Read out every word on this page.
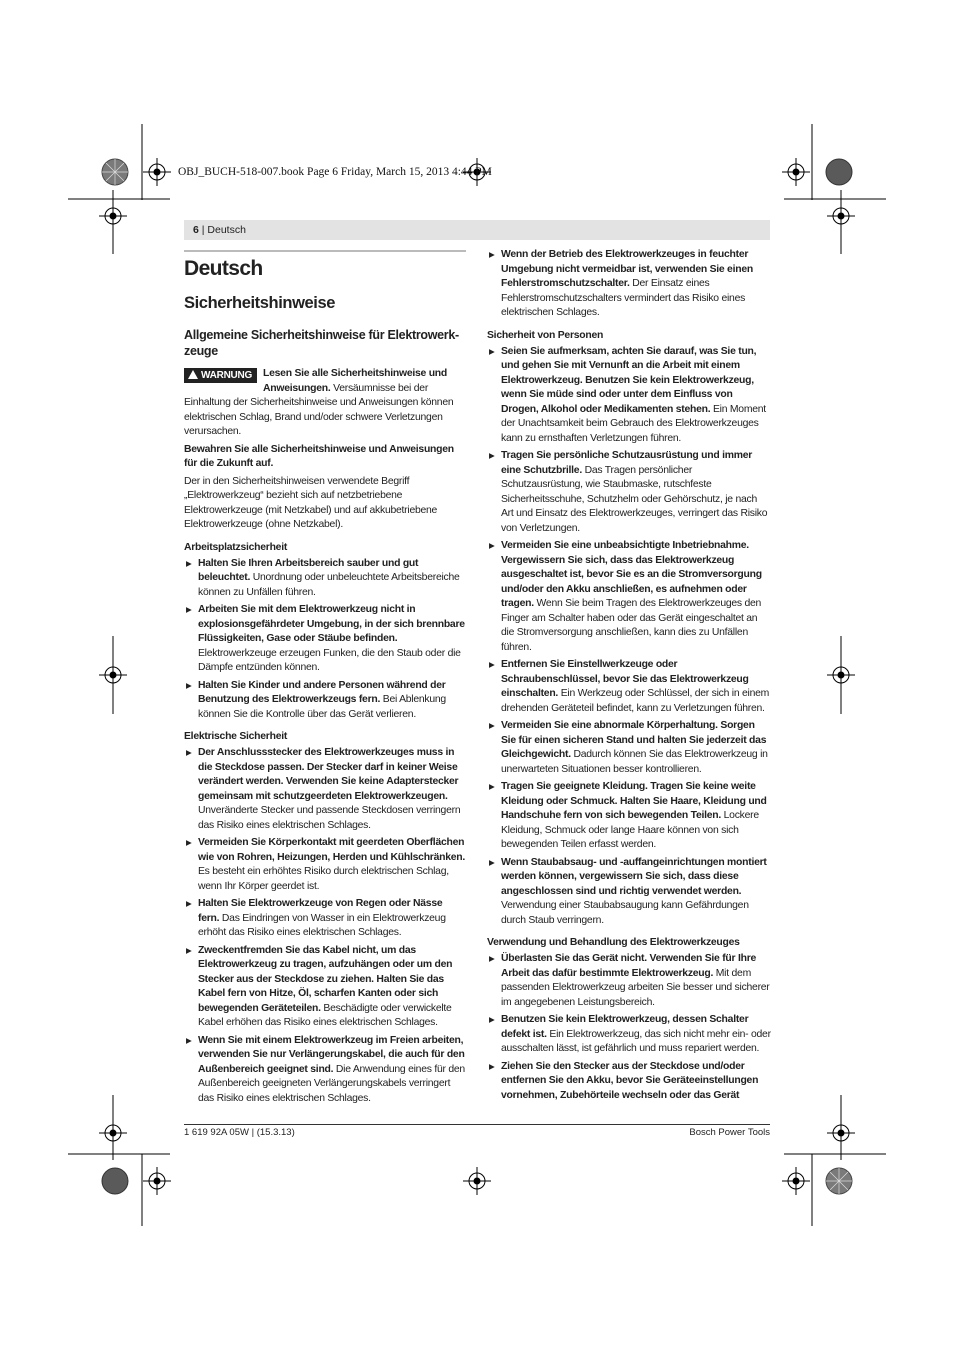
OBJ_BUCH-518-007.book Page 6 Friday, March 15, 2013 4:44 PM
6 | Deutsch
Deutsch
Sicherheitshinweise
Allgemeine Sicherheitshinweise für Elektrowerk-zeuge

WARNUNG	Lesen Sie alle Sicherheitshinweise und Anweisungen. Versäumnisse bei der Einhaltung der Sicherheitshinweise und Anweisungen können elektrischen Schlag, Brand und/oder schwere Verletzungen verursachen.

Bewahren Sie alle Sicherheitshinweise und Anweisungen für die Zukunft auf.

Der in den Sicherheitshinweisen verwendete Begriff „Elektrowerkzeug“ bezieht sich auf netzbetriebene Elektrowerkzeuge (mit Netzkabel) und auf akkubetriebene Elektrowerkzeuge (ohne Netzkabel).

Arbeitsplatzsicherheit
▶ Halten Sie Ihren Arbeitsbereich sauber und gut beleuchtet. Unordnung oder unbeleuchtete Arbeitsbereiche können zu Unfällen führen.
▶ Arbeiten Sie mit dem Elektrowerkzeug nicht in explosionsgefährdeter Umgebung, in der sich brennbare Flüssigkeiten, Gase oder Stäube befinden. Elektrowerkzeuge erzeugen Funken, die den Staub oder die Dämpfe entzünden können.
▶ Halten Sie Kinder und andere Personen während der Benutzung des Elektrowerkzeugs fern. Bei Ablenkung können Sie die Kontrolle über das Gerät verlieren.
Elektrische Sicherheit
▶ Der Anschlussstecker des Elektrowerkzeuges muss in die Steckdose passen. Der Stecker darf in keiner Weise verändert werden. Verwenden Sie keine Adapterstecker gemeinsam mit schutzgeerdeten Elektrowerkzeugen. Unveränderte Stecker und passende Steckdosen verringern das Risiko eines elektrischen Schlages.
▶ Vermeiden Sie Körperkontakt mit geerdeten Oberflächen wie von Rohren, Heizungen, Herden und Kühlschränken. Es besteht ein erhöhtes Risiko durch elektrischen Schlag, wenn Ihr Körper geerdet ist.
▶ Halten Sie Elektrowerkzeuge von Regen oder Nässe fern. Das Eindringen von Wasser in ein Elektrowerkzeug erhöht das Risiko eines elektrischen Schlages.
▶ Zweckentfremden Sie das Kabel nicht, um das Elektrowerkzeug zu tragen, aufzuhängen oder um den Stecker aus der Steckdose zu ziehen. Halten Sie das Kabel fern von Hitze, Öl, scharfen Kanten oder sich bewegenden Geräteteilen. Beschädigte oder verwickelte Kabel erhöhen das Risiko eines elektrischen Schlages.
▶ Wenn Sie mit einem Elektrowerkzeug im Freien arbeiten, verwenden Sie nur Verlängerungskabel, die auch für den Außenbereich geeignet sind. Die Anwendung eines für den Außenbereich geeigneten Verlängerungskabels verringert das Risiko eines elektrischen Schlages.
▶ Wenn der Betrieb des Elektrowerkzeuges in feuchter Umgebung nicht vermeidbar ist, verwenden Sie einen Fehlerstromschutzschalter. Der Einsatz eines Fehlerstromschutzschalters vermindert das Risiko eines elektrischen Schlages.
Sicherheit von Personen
▶ Seien Sie aufmerksam, achten Sie darauf, was Sie tun, und gehen Sie mit Vernunft an die Arbeit mit einem Elektrowerkzeug. Benutzen Sie kein Elektrowerkzeug, wenn Sie müde sind oder unter dem Einfluss von Drogen, Alkohol oder Medikamenten stehen. Ein Moment der Unachtsamkeit beim Gebrauch des Elektrowerkzeuges kann zu ernsthaften Verletzungen führen.
▶ Tragen Sie persönliche Schutzausrüstung und immer eine Schutzbrille. Das Tragen persönlicher Schutzausrüstung, wie Staubmaske, rutschfeste Sicherheitsschuhe, Schutzhelm oder Gehörschutz, je nach Art und Einsatz des Elektrowerkzeuges, verringert das Risiko von Verletzungen.
▶ Vermeiden Sie eine unbeabsichtigte Inbetriebnahme. Vergewissern Sie sich, dass das Elektrowerkzeug ausgeschaltet ist, bevor Sie es an die Stromversorgung und/oder den Akku anschließen, es aufnehmen oder tragen. Wenn Sie beim Tragen des Elektrowerkzeuges den Finger am Schalter haben oder das Gerät eingeschaltet an die Stromversorgung anschließen, kann dies zu Unfällen führen.
▶ Entfernen Sie Einstellwerkzeuge oder Schraubenschlüssel, bevor Sie das Elektrowerkzeug einschalten. Ein Werkzeug oder Schlüssel, der sich in einem drehenden Geräteteil befindet, kann zu Verletzungen führen.
▶ Vermeiden Sie eine abnormale Körperhaltung. Sorgen Sie für einen sicheren Stand und halten Sie jederzeit das Gleichgewicht. Dadurch können Sie das Elektrowerkzeug in unerwarteten Situationen besser kontrollieren.
▶ Tragen Sie geeignete Kleidung. Tragen Sie keine weite Kleidung oder Schmuck. Halten Sie Haare, Kleidung und Handschuhe fern von sich bewegenden Teilen. Lockere Kleidung, Schmuck oder lange Haare können von sich bewegenden Teilen erfasst werden.
▶ Wenn Staubabsaug- und -auffangeinrichtungen montiert werden können, vergewissern Sie sich, dass diese angeschlossen sind und richtig verwendet werden. Verwendung einer Staubabsaugung kann Gefährdungen durch Staub verringern.
Verwendung und Behandlung des Elektrowerkzeuges
▶ Überlasten Sie das Gerät nicht. Verwenden Sie für Ihre Arbeit das dafür bestimmte Elektrowerkzeug. Mit dem passenden Elektrowerkzeug arbeiten Sie besser und sicherer im angegebenen Leistungsbereich.
▶ Benutzen Sie kein Elektrowerkzeug, dessen Schalter defekt ist. Ein Elektrowerkzeug, das sich nicht mehr ein- oder ausschalten lässt, ist gefährlich und muss repariert werden.
▶ Ziehen Sie den Stecker aus der Steckdose und/oder entfernen Sie den Akku, bevor Sie Geräteeinstellungen vornehmen, Zubehörteile wechseln oder das Gerät
1 619 92A 05W | (15.3.13)	Bosch Power Tools
